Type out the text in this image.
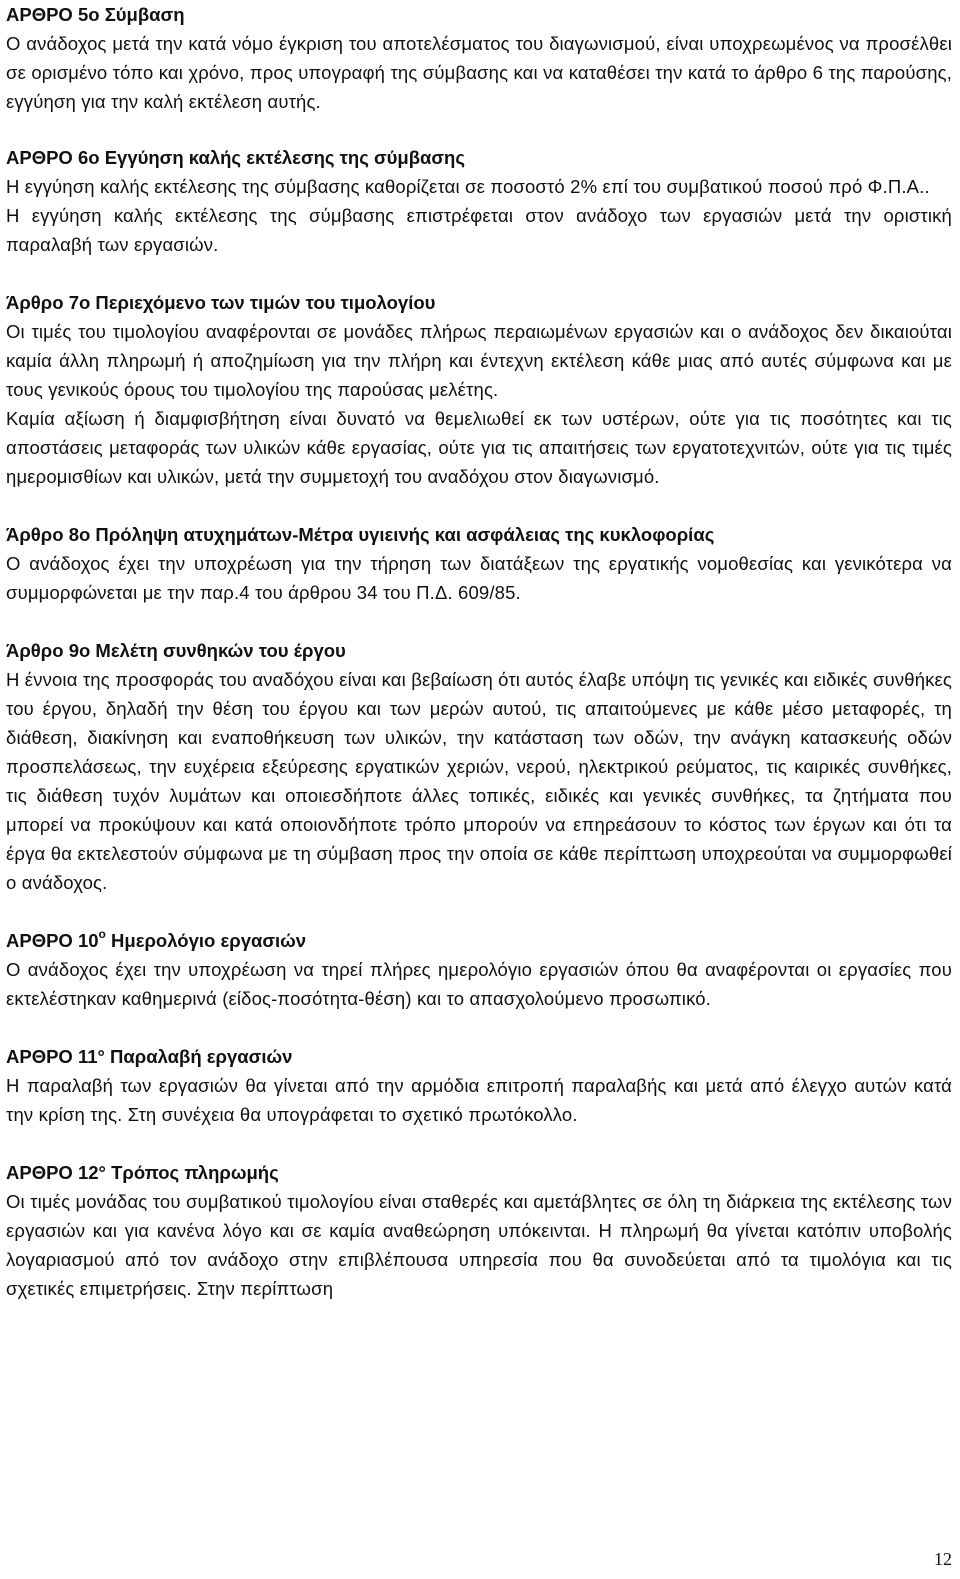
ΑΡΘΡΟ 5ο Σύμβαση

Ο ανάδοχος μετά την κατά νόμο έγκριση του αποτελέσματος του διαγωνισμού, είναι υποχρεωμένος να προσέλθει σε ορισμένο τόπο και χρόνο, προς υπογραφή της σύμβασης και να καταθέσει την κατά το άρθρο 6 της παρούσης, εγγύηση για την καλή εκτέλεση αυτής.

ΑΡΘΡΟ 6ο Εγγύηση καλής εκτέλεσης της σύμβασης

Η εγγύηση καλής εκτέλεσης της σύμβασης καθορίζεται σε ποσοστό 2% επί του συμβατικού ποσού πρό Φ.Π.Α..

Η εγγύηση καλής εκτέλεσης της σύμβασης επιστρέφεται στον ανάδοχο των εργασιών μετά την οριστική παραλαβή των εργασιών.

Άρθρο 7ο Περιεχόμενο των τιμών του τιμολογίου

Οι τιμές του τιμολογίου αναφέρονται σε μονάδες πλήρως περαιωμένων εργασιών και ο ανάδοχος δεν δικαιούται καμία άλλη πληρωμή ή αποζημίωση για την πλήρη και έντεχνη εκτέλεση κάθε μιας από αυτές σύμφωνα και με τους γενικούς όρους του τιμολογίου της παρούσας μελέτης.

Καμία αξίωση ή διαμφισβήτηση είναι δυνατό να θεμελιωθεί εκ των υστέρων, ούτε για τις ποσότητες και τις αποστάσεις μεταφοράς των υλικών κάθε εργασίας, ούτε για τις απαιτήσεις των εργατοτεχνιτών, ούτε για τις τιμές ημερομισθίων και υλικών, μετά την συμμετοχή του αναδόχου στον διαγωνισμό.

Άρθρο 8ο Πρόληψη ατυχημάτων-Μέτρα υγιεινής και ασφάλειας της κυκλοφορίας

Ο ανάδοχος έχει την υποχρέωση για την τήρηση των διατάξεων της εργατικής νομοθεσίας και γενικότερα να συμμορφώνεται με την παρ.4 του άρθρου 34 του Π.Δ. 609/85.

Άρθρο 9ο Μελέτη συνθηκών του έργου

Η έννοια της προσφοράς του αναδόχου είναι και βεβαίωση ότι αυτός έλαβε υπόψη τις γενικές και ειδικές συνθήκες του έργου, δηλαδή την θέση του έργου και των μερών αυτού, τις απαιτούμενες με κάθε μέσο μεταφορές, τη διάθεση, διακίνηση και εναποθήκευση των υλικών, την κατάσταση των οδών, την ανάγκη κατασκευής οδών προσπελάσεως, την ευχέρεια εξεύρεσης εργατικών χεριών, νερού, ηλεκτρικού ρεύματος, τις καιρικές συνθήκες, τις διάθεση τυχόν λυμάτων και οποιεσδήποτε άλλες τοπικές, ειδικές και γενικές συνθήκες, τα ζητήματα που μπορεί να προκύψουν και κατά οποιονδήποτε τρόπο μπορούν να επηρεάσουν το κόστος των έργων και ότι τα έργα θα εκτελεστούν σύμφωνα με τη σύμβαση προς την οποία σε κάθε περίπτωση υποχρεούται να συμμορφωθεί ο ανάδοχος.

ΑΡΘΡΟ $10^o$ Ημερολόγιο εργασιών

Ο ανάδοχος έχει την υποχρέωση να τηρεί πλήρες ημερολόγιο εργασιών όπου θα αναφέρονται οι εργασίες που εκτελέστηκαν καθημερινά (είδος-ποσότητα-θέση) και το απασχολούμενο προσωπικό.

ΑΡΘΡΟ 11° Παραλαβή εργασιών

Η παραλαβή των εργασιών θα γίνεται από την αρμόδια επιτροπή παραλαβής και μετά από έλεγχο αυτών κατά την κρίση της. Στη συνέχεια θα υπογράφεται το σχετικό πρωτόκολλο.

ΑΡΘΡΟ 12° Τρόπος πληρωμής

Οι τιμές μονάδας του συμβατικού τιμολογίου είναι σταθερές και αμετάβλητες σε όλη τη διάρκεια της εκτέλεσης των εργασιών και για κανένα λόγο και σε καμία αναθεώρηση υπόκεινται. Η πληρωμή θα γίνεται κατόπιν υποβολής λογαριασμού από τον ανάδοχο στην επιβλέπουσα υπηρεσία που θα συνοδεύεται από τα τιμολόγια και τις σχετικές επιμετρήσεις. Στην περίπτωση

12
